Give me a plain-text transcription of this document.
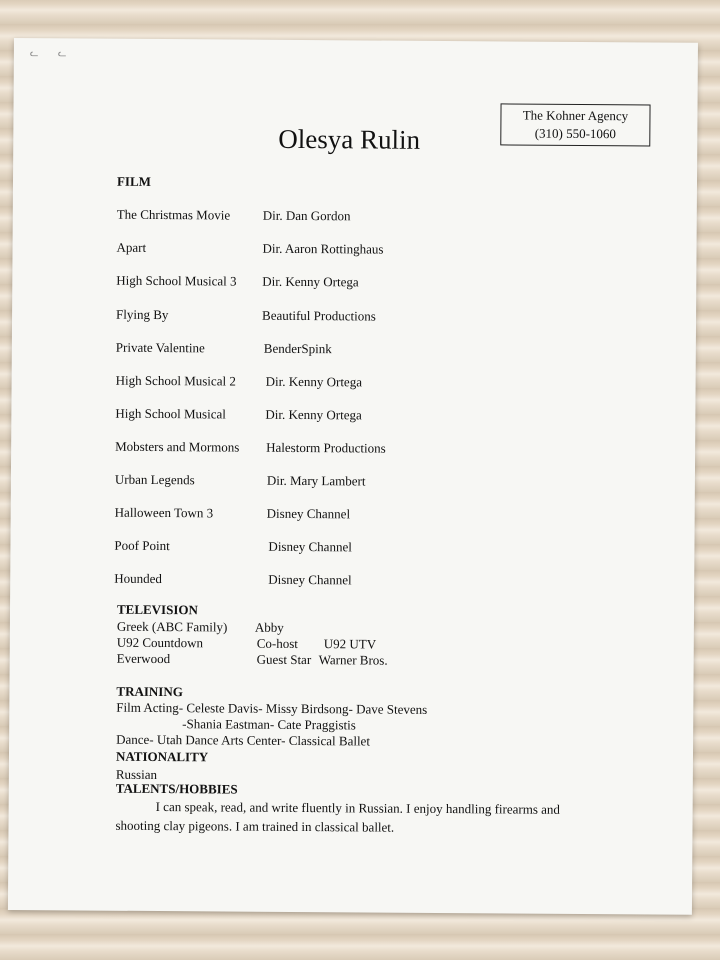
ᓚ ᓚ
The Kohner Agency
(310) 550-1060
Olesya Rulin
FILM
The Christmas Movie	Dir. Dan Gordon
Apart	Dir. Aaron Rottinghaus
High School Musical 3 Dir. Kenny Ortega
Flying By	Beautiful Productions
Private Valentine	BenderSpink
High School Musical 2 Dir. Kenny Ortega
High School Musical	Dir. Kenny Ortega
Mobsters and Mormons Halestorm Productions
Urban Legends	Dir. Mary Lambert
Halloween Town 3	Disney Channel
Poof Point	Disney Channel
Hounded	Disney Channel
TELEVISION
Greek (ABC Family) Abby
U92 Countdown	Co-host U92 UTV
Everwood	Guest Star Warner Bros.
TRAINING
Film Acting- Celeste Davis- Missy Birdsong- Dave Stevens
-Shania Eastman- Cate Praggistis
Dance- Utah Dance Arts Center- Classical Ballet
NATIONALITY
Russian
TALENTS/HOBBIES
I can speak, read, and write fluently in Russian. I enjoy handling firearms and shooting clay pigeons. I am trained in classical ballet.
